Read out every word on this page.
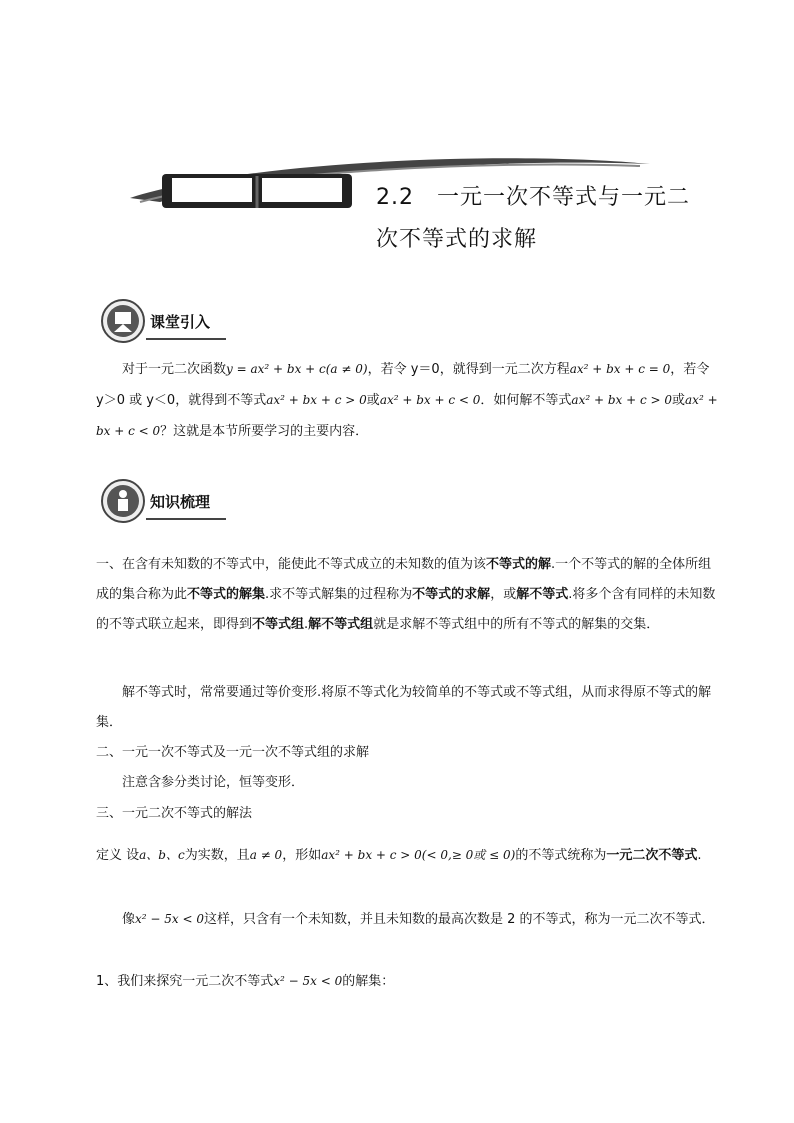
2.2　一元一次不等式与一元二
次不等式的求解
课堂引入
对于一元二次函数y = ax² + bx + c(a ≠ 0)，若令 y＝0，就得到一元二次方程ax² + bx + c = 0，若令 y＞0 或 y＜0，就得到不等式ax² + bx + c > 0或ax² + bx + c < 0．如何解不等式ax² + bx + c > 0或ax² + bx + c < 0？这就是本节所要学习的主要内容．
知识梳理
一、在含有未知数的不等式中，能使此不等式成立的未知数的值为该不等式的解.一个不等式的解的全体所组成的集合称为此不等式的解集.求不等式解集的过程称为不等式的求解，或解不等式.将多个含有同样的未知数的不等式联立起来，即得到不等式组.解不等式组就是求解不等式组中的所有不等式的解集的交集．
解不等式时，常常要通过等价变形.将原不等式化为较简单的不等式或不等式组，从而求得原不等式的解集．
二、一元一次不等式及一元一次不等式组的求解
注意含参分类讨论，恒等变形．
三、一元二次不等式的解法
定义 设a、b、c为实数，且a ≠ 0，形如ax² + bx + c > 0(< 0,≥ 0或 ≤ 0)的不等式统称为一元二次不等式.
像x² − 5x < 0这样，只含有一个未知数，并且未知数的最高次数是 2 的不等式，称为一元二次不等式．
1、我们来探究一元二次不等式x² − 5x < 0的解集：
